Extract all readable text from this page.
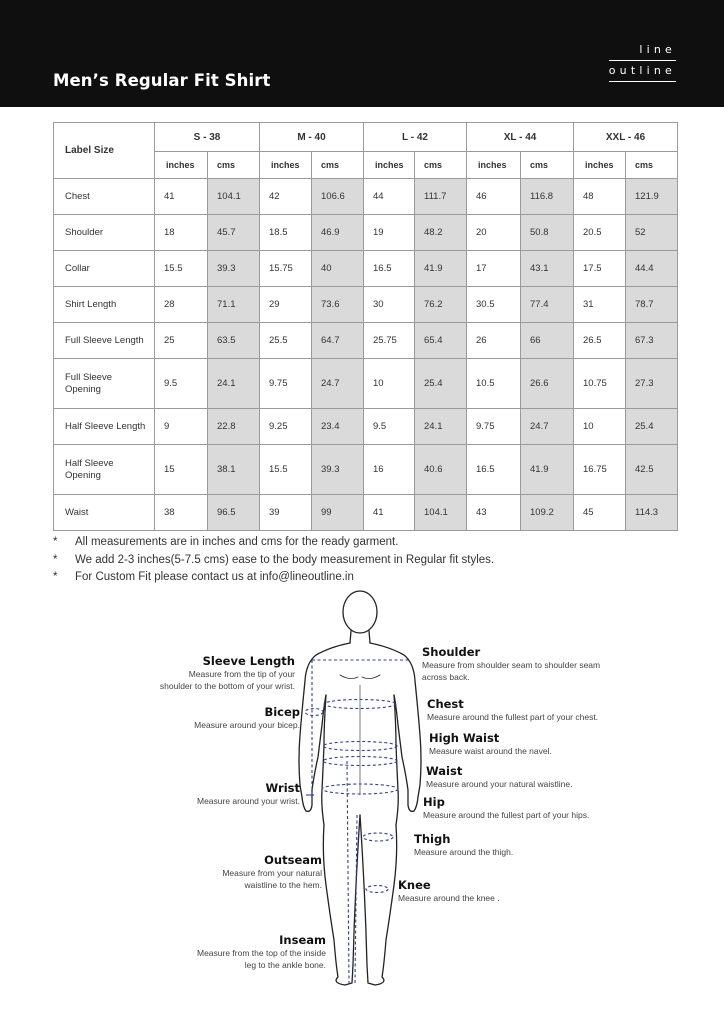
Men’s Regular Fit Shirt
line
outline
Label Size	S - 38		M - 40		L - 42		XL - 44		XXL - 46	
	inches	cms	inches	cms	inches	cms	inches	cms	inches	cms
Chest	41	104.1	42	106.6	44	111.7	46	116.8	48	121.9
Shoulder	18	45.7	18.5	46.9	19	48.2	20	50.8	20.5	52
Collar	15.5	39.3	15.75	40	16.5	41.9	17	43.1	17.5	44.4
Shirt Length	28	71.1	29	73.6	30	76.2	30.5	77.4	31	78.7
Full Sleeve Length	25	63.5	25.5	64.7	25.75	65.4	26	66	26.5	67.3

Full Sleeve
Opening	9.5	24.1	9.75	24.7	10	25.4	10.5	26.6	10.75	27.3
Half Sleeve Length	9	22.8	9.25	23.4	9.5	24.1	9.75	24.7	10	25.4

Half Sleeve
Opening	15	38.1	15.5	39.3	16	40.6	16.5	41.9	16.75	42.5
Waist	38	96.5	39	99	41	104.1	43	109.2	45	114.3
*	All measurements are in inches and cms for the ready garment.
*	We add 2-3 inches(5-7.5 cms) ease to the body measurement in Regular fit styles.
*	For Custom Fit please contact us at info@lineoutline.in
Sleeve Length
Measure from the tip of your
shoulder to the bottom of your wrist.
Bicep
Measure around your bicep.
Wrist
Measure around your wrist.
Outseam
Measure from your natural
waistline to the hem.
Inseam
Measure from the top of the inside
leg to the ankle bone.
Shoulder
Measure from shoulder seam to shoulder seam
across back.
Chest
Measure around the fullest part of your chest.
High Waist
Measure waist around the navel.
Waist
Measure around your natural waistline.
Hip
Measure around the fullest part of your hips.
Thigh
Measure around the thigh.
Knee
Measure around the knee .
